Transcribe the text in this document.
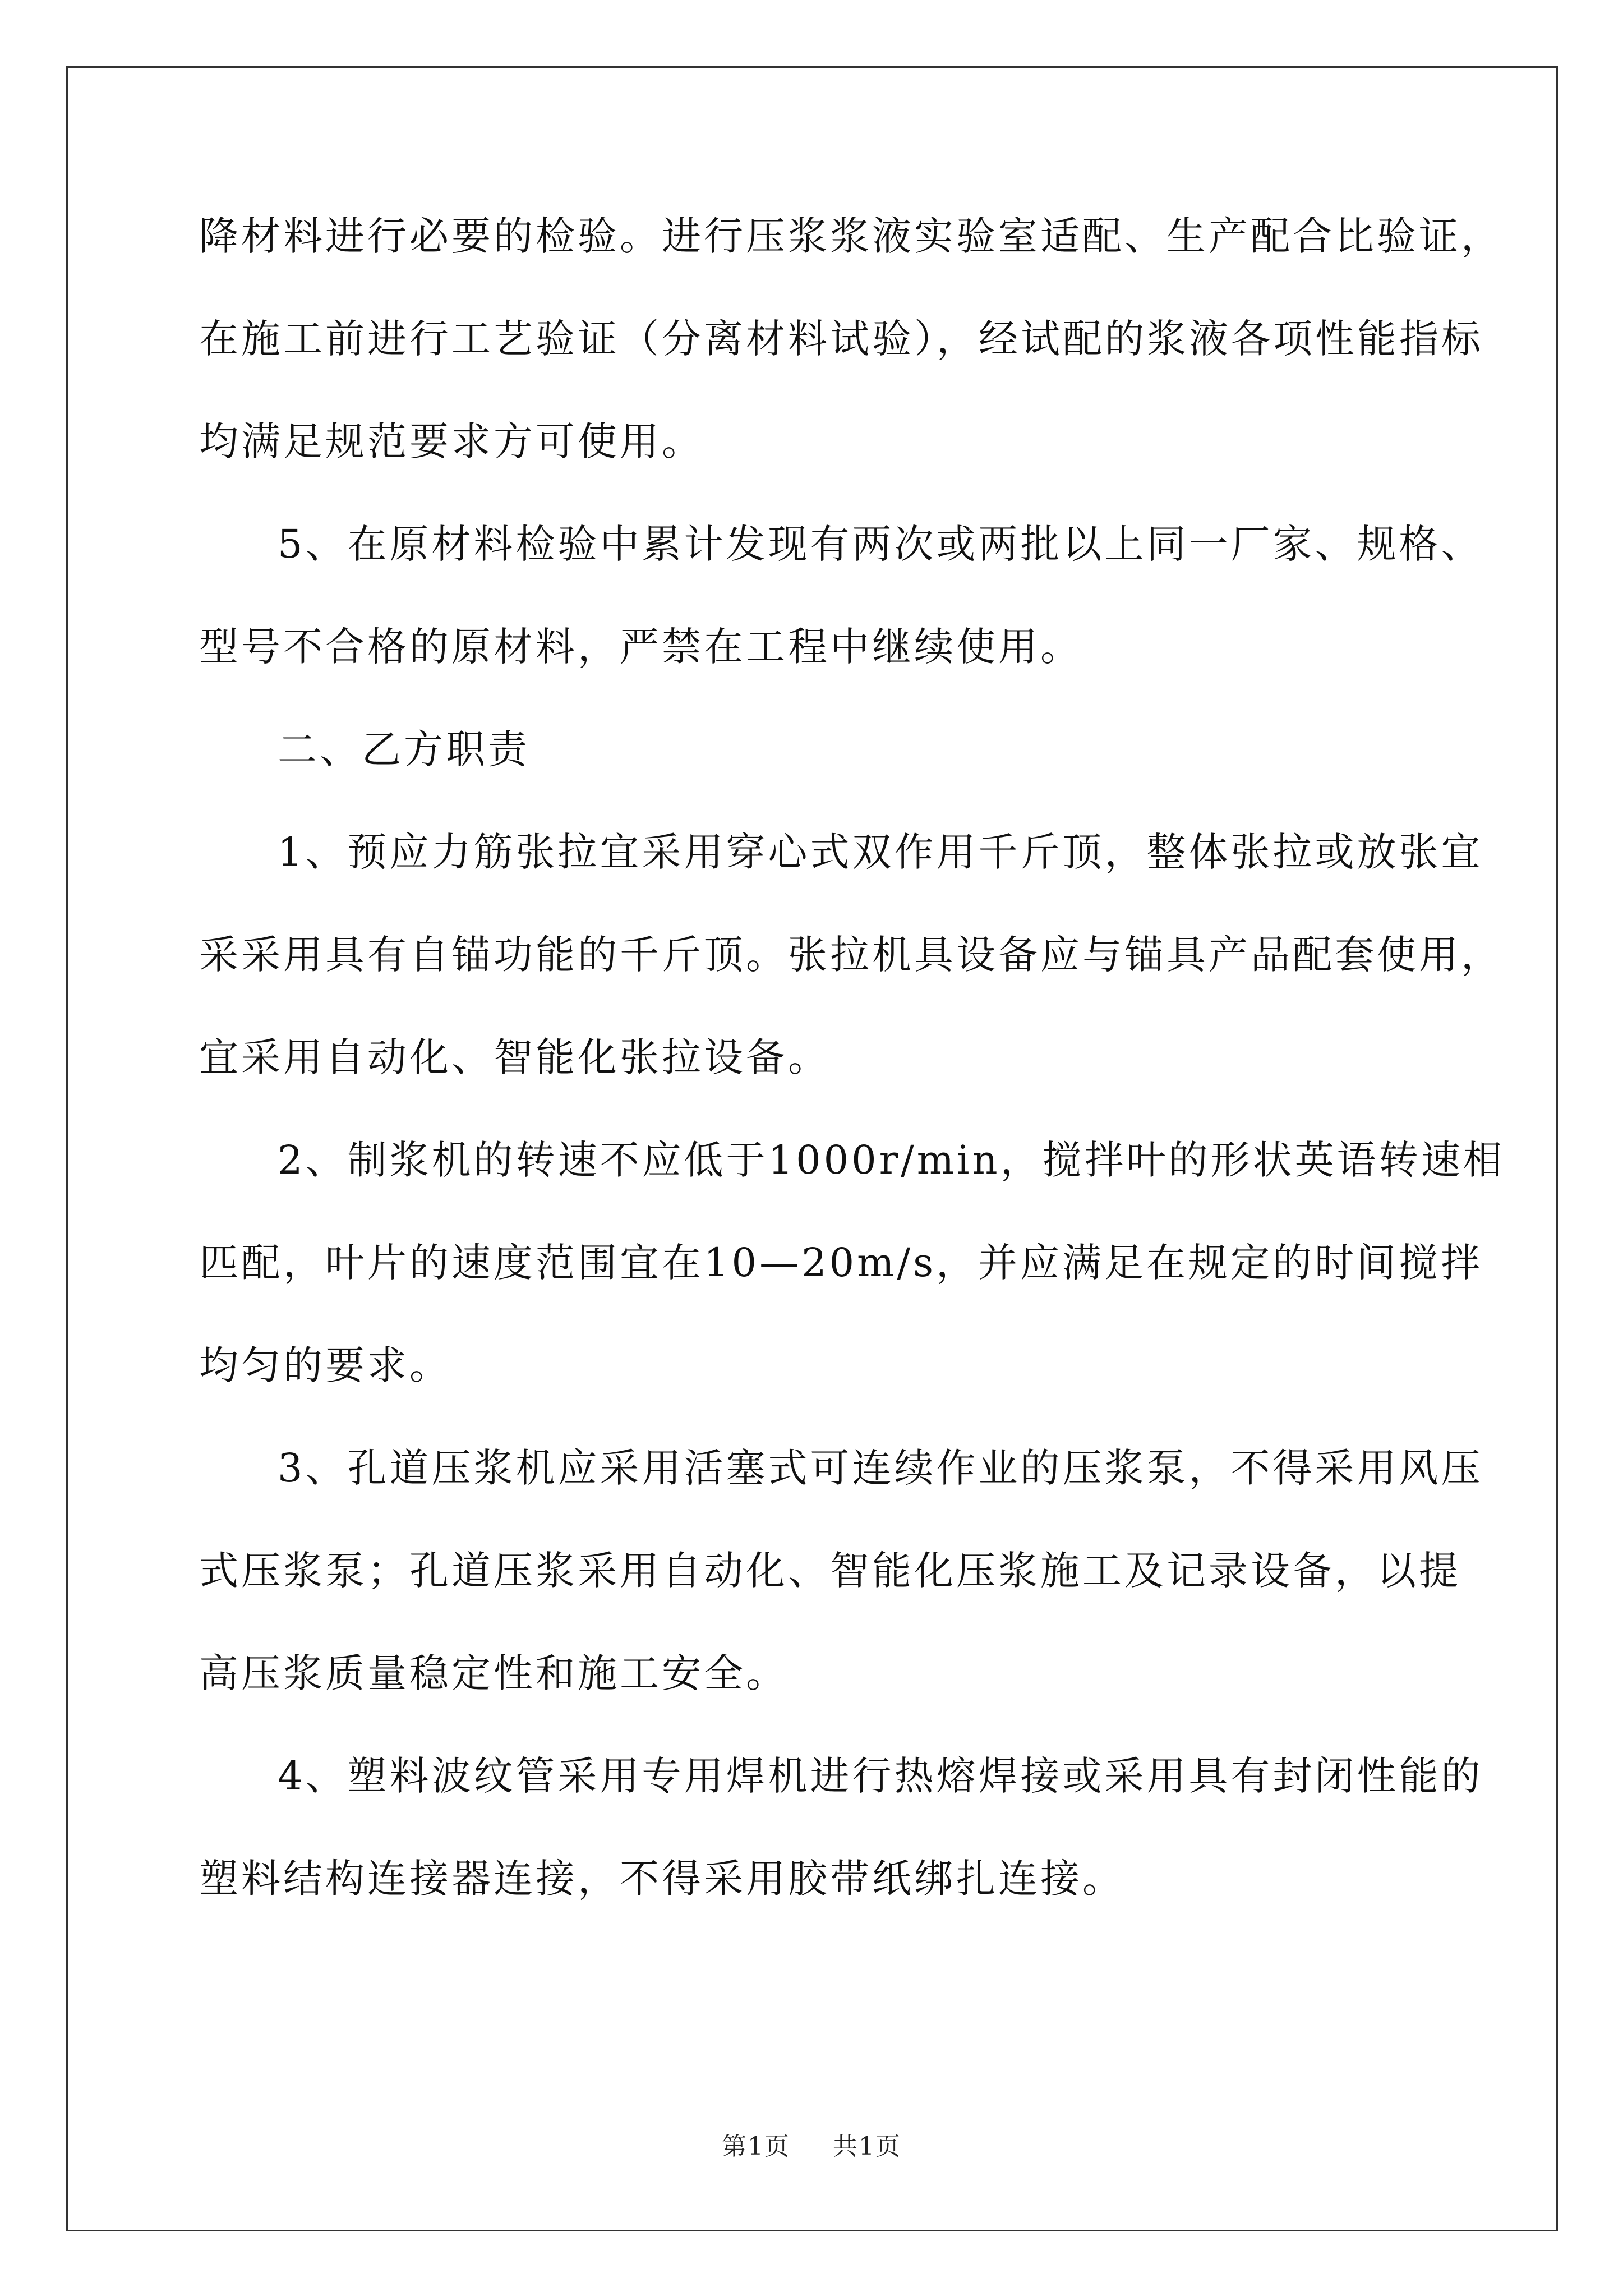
降材料进行必要的检验。进行压浆浆液实验室适配、生产配合比验证，

在施工前进行工艺验证（分离材料试验），经试配的浆液各项性能指标

均满足规范要求方可使用。

5、在原材料检验中累计发现有两次或两批以上同一厂家、规格、

型号不合格的原材料，严禁在工程中继续使用。

二、乙方职责

1、预应力筋张拉宜采用穿心式双作用千斤顶，整体张拉或放张宜

采采用具有自锚功能的千斤顶。张拉机具设备应与锚具产品配套使用，

宜采用自动化、智能化张拉设备。

2、制浆机的转速不应低于1000r/min，搅拌叶的形状英语转速相

匹配，叶片的速度范围宜在10—20m/s，并应满足在规定的时间搅拌

均匀的要求。

3、孔道压浆机应采用活塞式可连续作业的压浆泵，不得采用风压

式压浆泵；孔道压浆采用自动化、智能化压浆施工及记录设备，以提

高压浆质量稳定性和施工安全。

4、塑料波纹管采用专用焊机进行热熔焊接或采用具有封闭性能的

塑料结构连接器连接，不得采用胶带纸绑扎连接。

第1页 共1页
